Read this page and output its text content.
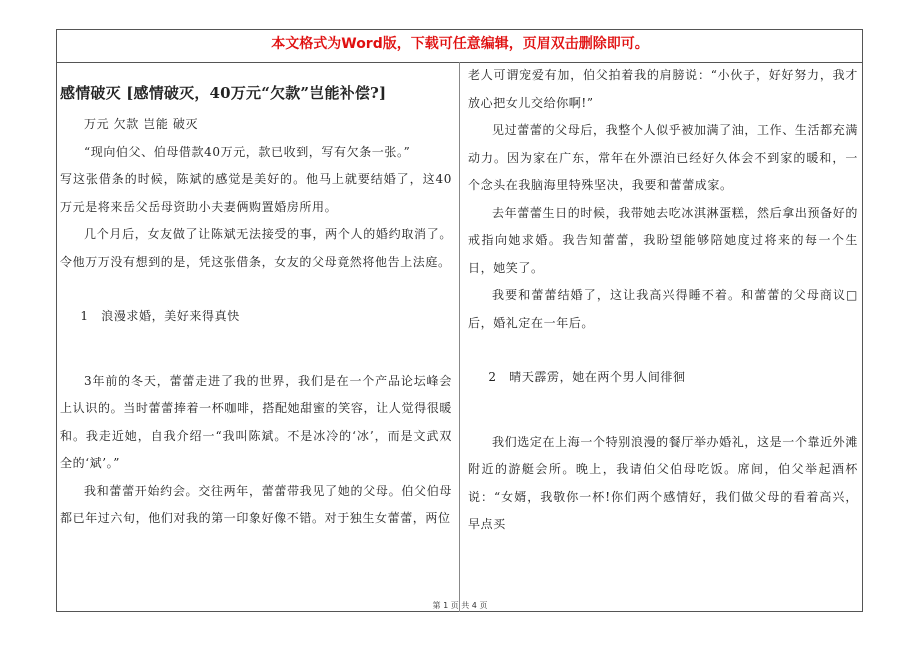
本文格式为Word版，下载可任意编辑，页眉双击删除即可。

感情破灭 [感情破灭，40万元“欠款”岂能补偿?]

万元 欠款 岂能 破灭

“现向伯父、伯母借款40万元，款已收到，写有欠条一张。”

写这张借条的时候，陈斌的感觉是美好的。他马上就要结婚了，这40万元是将来岳父岳母资助小夫妻俩购置婚房所用。

几个月后，女友做了让陈斌无法接受的事，两个人的婚约取消了。令他万万没有想到的是，凭这张借条，女友的父母竟然将他告上法庭。

1　浪漫求婚，美好来得真快

3年前的冬天，蕾蕾走进了我的世界，我们是在一个产品论坛峰会上认识的。当时蕾蕾捧着一杯咖啡，搭配她甜蜜的笑容，让人觉得很暖和。我走近她，自我介绍一“我叫陈斌。不是冰冷的‘冰’，而是文武双全的‘斌’。”

我和蕾蕾开始约会。交往两年，蕾蕾带我见了她的父母。伯父伯母都已年过六旬，他们对我的第一印象好像不错。对于独生女蕾蕾，两位

老人可谓宠爱有加，伯父拍着我的肩膀说：“小伙子，好好努力，我才放心把女儿交给你啊!”

见过蕾蕾的父母后，我整个人似乎被加满了油，工作、生活都充满动力。因为家在广东，常年在外漂泊已经好久体会不到家的暖和，一个念头在我脑海里特殊坚决，我要和蕾蕾成家。

去年蕾蕾生日的时候，我带她去吃冰淇淋蛋糕，然后拿出预备好的戒指向她求婚。我告知蕾蕾，我盼望能够陪她度过将来的每一个生日，她笑了。

我要和蕾蕾结婚了，这让我高兴得睡不着。和蕾蕾的父母商议□后，婚礼定在一年后。

2　晴天霹雳，她在两个男人间徘徊

我们选定在上海一个特别浪漫的餐厅举办婚礼，这是一个靠近外滩附近的游艇会所。晚上，我请伯父伯母吃饭。席间，伯父举起酒杯说：“女婿，我敬你一杯!你们两个感情好，我们做父母的看着高兴，早点买

第 1 页 共 4 页
